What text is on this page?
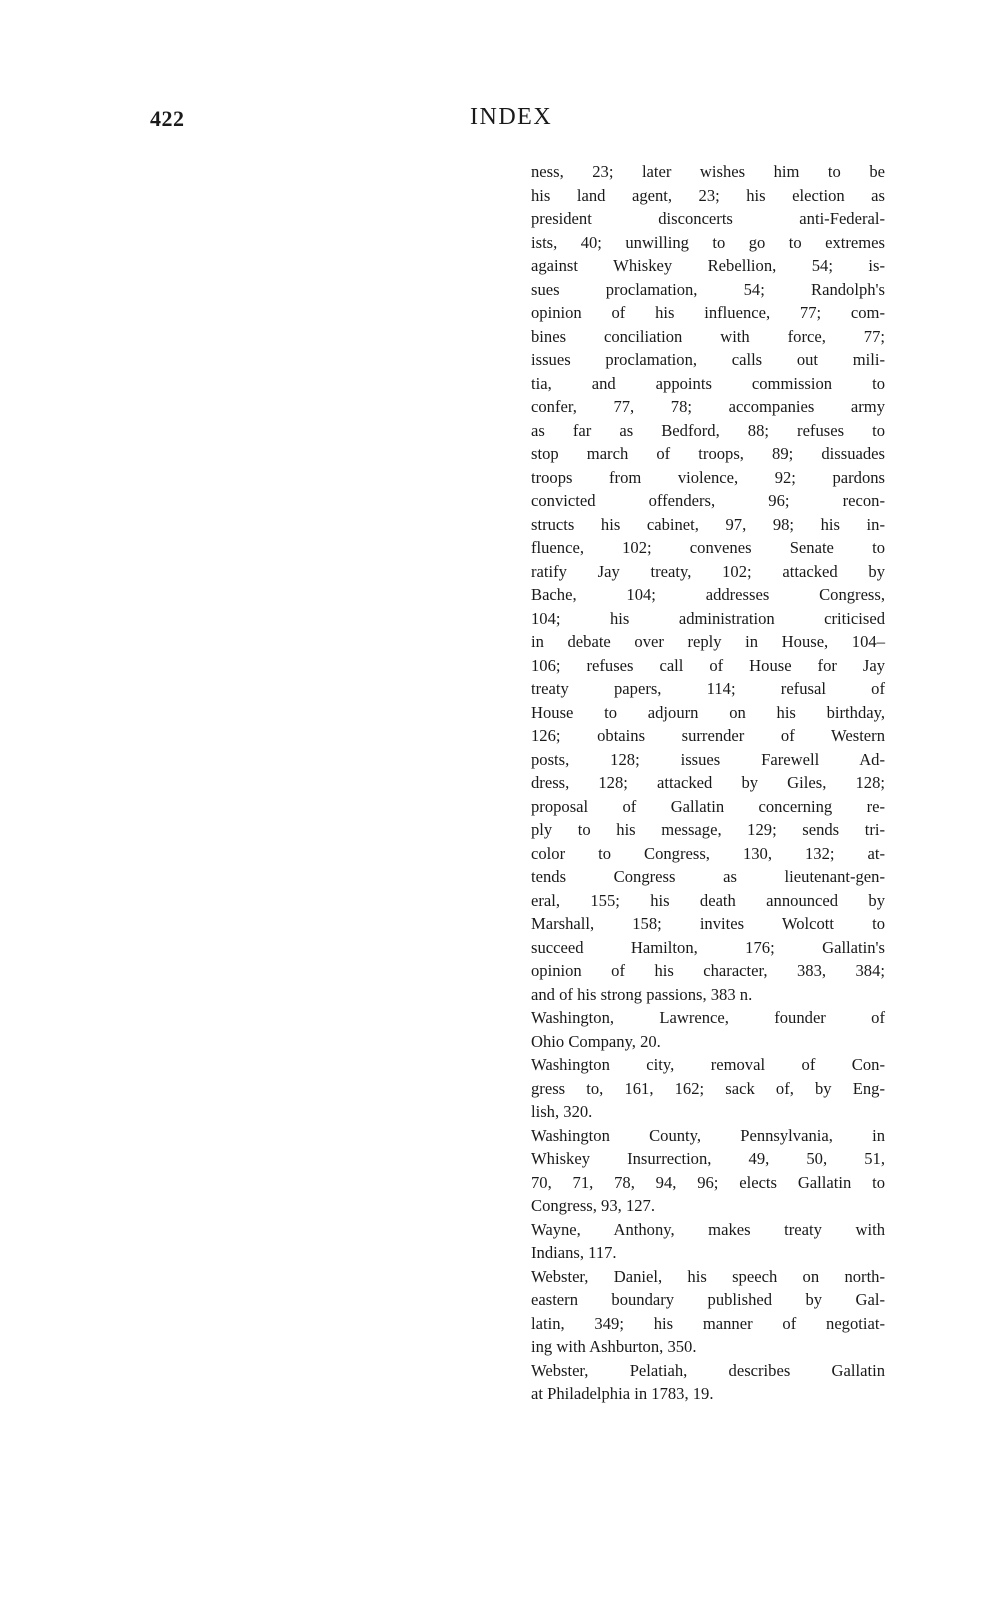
422	INDEX

ness, 23; later wishes him to be
his land agent, 23; his election as
president disconcerts anti-Federal-
ists, 40; unwilling to go to extremes
against Whiskey Rebellion, 54; is-
sues proclamation, 54; Randolph's
opinion of his influence, 77; com-
bines conciliation with force, 77;
issues proclamation, calls out mili-
tia, and appoints commission to
confer, 77, 78; accompanies army
as far as Bedford, 88; refuses to
stop march of troops, 89; dissuades
troops from violence, 92; pardons
convicted offenders, 96; recon-
structs his cabinet, 97, 98; his in-
fluence, 102; convenes Senate to
ratify Jay treaty, 102; attacked by
Bache, 104; addresses Congress,
104; his administration criticised
in debate over reply in House, 104–
106; refuses call of House for Jay
treaty papers, 114; refusal of
House to adjourn on his birthday,
126; obtains surrender of Western
posts, 128; issues Farewell Ad-
dress, 128; attacked by Giles, 128;
proposal of Gallatin concerning re-
ply to his message, 129; sends tri-
color to Congress, 130, 132; at-
tends Congress as lieutenant-gen-
eral, 155; his death announced by
Marshall, 158; invites Wolcott to
succeed Hamilton, 176; Gallatin's
opinion of his character, 383, 384;
and of his strong passions, 383 n.

Washington, Lawrence, founder of
Ohio Company, 20.

Washington city, removal of Con-
gress to, 161, 162; sack of, by Eng-
lish, 320.

Washington County, Pennsylvania, in
Whiskey Insurrection, 49, 50, 51,
70, 71, 78, 94, 96; elects Gallatin to
Congress, 93, 127.

Wayne, Anthony, makes treaty with
Indians, 117.

Webster, Daniel, his speech on north-
eastern boundary published by Gal-
latin, 349; his manner of negotiat-
ing with Ashburton, 350.

Webster, Pelatiah, describes Gallatin
at Philadelphia in 1783, 19.
